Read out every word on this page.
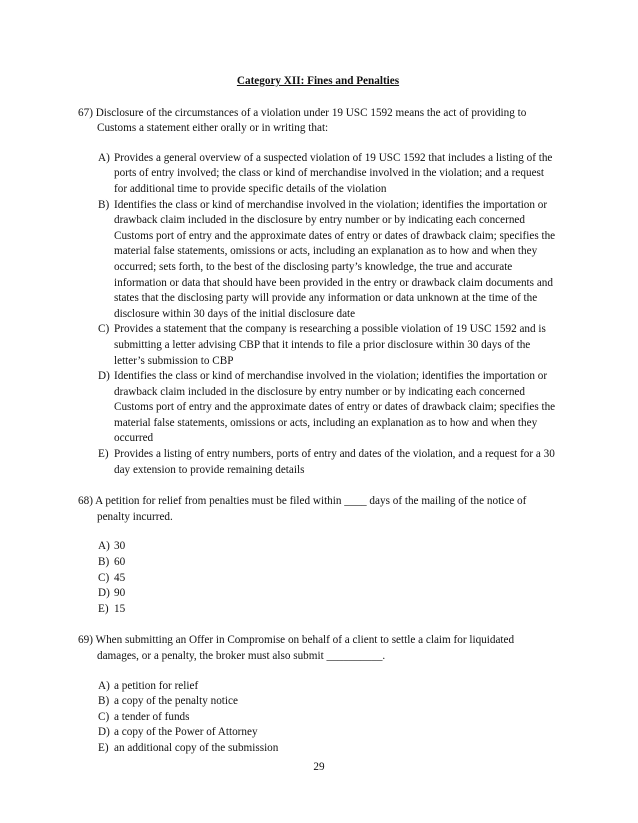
Category XII: Fines and Penalties
67) Disclosure of the circumstances of a violation under 19 USC 1592 means the act of providing to Customs a statement either orally or in writing that:
A) Provides a general overview of a suspected violation of 19 USC 1592 that includes a listing of the ports of entry involved; the class or kind of merchandise involved in the violation; and a request for additional time to provide specific details of the violation
B) Identifies the class or kind of merchandise involved in the violation; identifies the importation or drawback claim included in the disclosure by entry number or by indicating each concerned Customs port of entry and the approximate dates of entry or dates of drawback claim; specifies the material false statements, omissions or acts, including an explanation as to how and when they occurred; sets forth, to the best of the disclosing party’s knowledge, the true and accurate information or data that should have been provided in the entry or drawback claim documents and states that the disclosing party will provide any information or data unknown at the time of the disclosure within 30 days of the initial disclosure date
C) Provides a statement that the company is researching a possible violation of 19 USC 1592 and is submitting a letter advising CBP that it intends to file a prior disclosure within 30 days of the letter’s submission to CBP
D) Identifies the class or kind of merchandise involved in the violation; identifies the importation or drawback claim included in the disclosure by entry number or by indicating each concerned Customs port of entry and the approximate dates of entry or dates of drawback claim; specifies the material false statements, omissions or acts, including an explanation as to how and when they occurred
E) Provides a listing of entry numbers, ports of entry and dates of the violation, and a request for a 30 day extension to provide remaining details
68) A petition for relief from penalties must be filed within ____ days of the mailing of the notice of penalty incurred.
A) 30
B) 60
C) 45
D) 90
E) 15
69) When submitting an Offer in Compromise on behalf of a client to settle a claim for liquidated damages, or a penalty, the broker must also submit __________.
A) a petition for relief
B) a copy of the penalty notice
C) a tender of funds
D) a copy of the Power of Attorney
E) an additional copy of the submission
29
